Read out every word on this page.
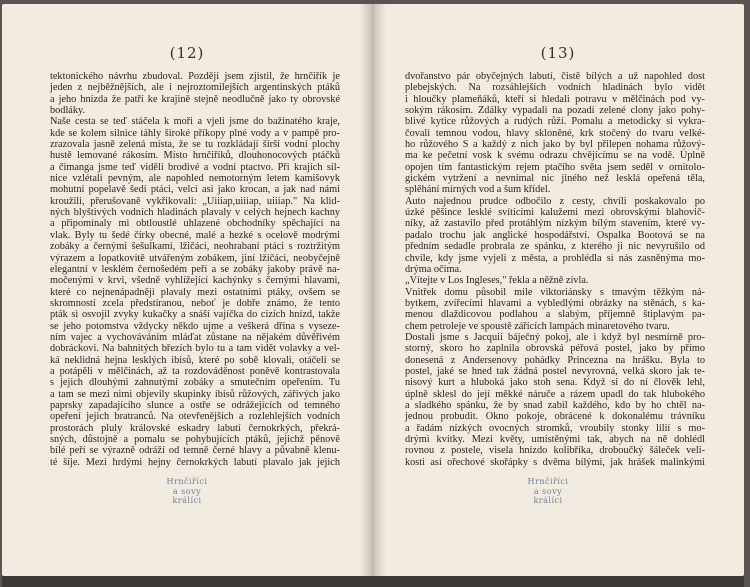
(12)
tektonického návrhu zbudoval. Později jsem zjistil, že hrnčiřík je
jeden z nejběžnějších, ale i nejroztomilejších argentinských ptáků
a jeho hnízda že patří ke krajině stejně neodlučně jako ty obrovské
bodláky.
Naše cesta se teď stáčela k moři a vjeli jsme do bažinatého kraje,
kde se kolem silnice táhly široké příkopy plné vody a v pampě pro-
zrazovala jasně zelená místa, že se tu rozkládají širší vodní plochy
hustě lemované rákosím. Místo hrnčiříků, dlouhonocových ptáčků
a čimanga jsme teď viděli brodivé a vodní ptactvo. Při krajích sil-
nice vzlétali pevným, ale napohled nemotorným letem kamišovyk
mohutní popelavě šedí ptáci, velcí asi jako krocan, a jak nad námi
kroužili, přerušovaně vykřikovali: „Uiiiap,uiiiap, uiiiap." Na klid-
ných blyštivých vodních hladinách plavaly v celých hejnech kachny
a připomínaly mi obtloustlé uhlazené obchodníky spěchající na
vlak. Byly tu šedé čírky obecné, malé a hezké s ocelově modrými
zobáky a černými šešulkami, lžičáci, neohrabaní ptáci s roztržitým
výrazem a lopatkovitě utvářeným zobákem, jiní lžičáci, neobyčejně
elegantní v lesklém černošedém peří a se zobáky jakoby právě na-
močenými v krvi, všedně vyhlížející kachýnky s černými hlavami,
které co nejnenápadněji plavaly mezi ostatními ptáky, ovšem se
skromností zcela předstíranou, neboť je dobře známo, že tento
pták si osvojil zvyky kukačky a snáší vajíčka do cizích hnízd, takže
se jeho potomstva vždycky někdo ujme a veškerá dřina s vyseze-
ním vajec a vychováváním mláďat zůstane na nějakém důvěřivém
dobráckovi. Na bahnitých březích bylo tu a tam vidět volavky a vel-
ká neklidná hejna lesklých ibisů, které po sobě klovali, otáčeli se
a potápěli v mělčinách, až ta rozdováděnost poněvě kontrastovala
s jejich dlouhými zahnutými zobáky a smutečním opeřením. Tu
a tam se mezi nimi objevily skupinky ibisů růžových, zářivých jako
paprsky zapadajícího slunce a ostře se odrážejících od temného
opeření jejich bratranců. Na otevřenějších a rozlehlejších vodních
prostorách pluly královské eskadry labutí černokrkých, překrá-
sných, důstojně a pomalu se pohybujících ptáků, jejichž pěnově
bílé peří se výrazně odráží od temně černé hlavy a půvabně klenu-
té šíje. Mezi hrdými hejny černokrkých labutí plavalo jak jejich
Hrnčiříci
a sovy
králíci
(13)
dvořanstvo pár obyčejných labutí, čistě bílých a už napohled dost
plebejských. Na rozsáhlejších vodních hladinách bylo vidět
i hloučky plameňáků, kteří si hledali potravu v mělčinách pod vy-
sokým rákosím. Zdálky vypadali na pozadí zelené clony jako pohy-
blivé kytice růžových a rudých růží. Pomalu a metodicky si vykra-
čovali temnou vodou, hlavy skloněné, krk stočený do tvaru velké-
ho růžového S a každý z nich jako by byl přilepen nohama růžový-
ma ke pečetní vosk k svému odrazu chvějícímu se na vodě. Úplně
opojen tím fantastickým rejem ptačího světa jsem seděl v ornitolo-
gickém vytržení a nevnímal nic jiného než lesklá opeřená těla,
splěhání mírných vod a šum křídel.
Auto najednou prudce odbočilo z cesty, chvíli poskakovalo po
úzké pěšince lesklé svítícími kalužemi mezi obrovskými blahovič-
níky, až zastavilo před protáhlým nízkým bílým stavením, které vy-
padalo trochu jak anglické hospodářství. Ospalka Bootová se na
předním sedadle probrala ze spánku, z kterého ji nic nevyrušilo od
chvíle, kdy jsme vyjeli z města, a prohlédla si nás zasněnýma mo-
drýma očima.
„Vítejte v Los Ingleses," řekla a něžně zívla.
Vnitřek domu působil mile viktoriánsky s tmavým těžkým ná-
bytkem, zvířecími hlavami a vybledlými obrázky na stěnách, s ka-
menou dlaždicovou podlahou a slabým, příjemně štiplavým pa-
chem petroleje ve spoustě zářících lampách minaretového tvaru.
Dostali jsme s Jacquií báječný pokoj, ale i když byl nesmírně pro-
storný, skoro ho zaplnila obrovská péřová postel, jako by přímo
donesená z Andersenovy pohádky Princezna na hrášku. Byla to
postel, jaké se hned tak žádná postel nevyrovná, velká skoro jak te-
nisový kurt a hluboká jako stoh sena. Když si do ní člověk lehl,
úplně sklesl do její měkké náruče a rázem upadl do tak hlubokého
a sladkého spánku, že by snad zabil každého, kdo by ho chtěl na-
jednou probudit. Okno pokoje, obrácené k dokonalému trávníku
a řadám nízkých ovocných stromků, vroubily stonky lilií s mo-
drými kvítky. Mezi květy, umístěnými tak, abych na ně dohlédl
rovnou z postele, visela hnízdo kolibříka, droboučký šáleček veli-
kosti asi ořechové skořápky s dvěma bílými, jak hrášek malinkými
Hrnčiříci
a sovy
králíci
